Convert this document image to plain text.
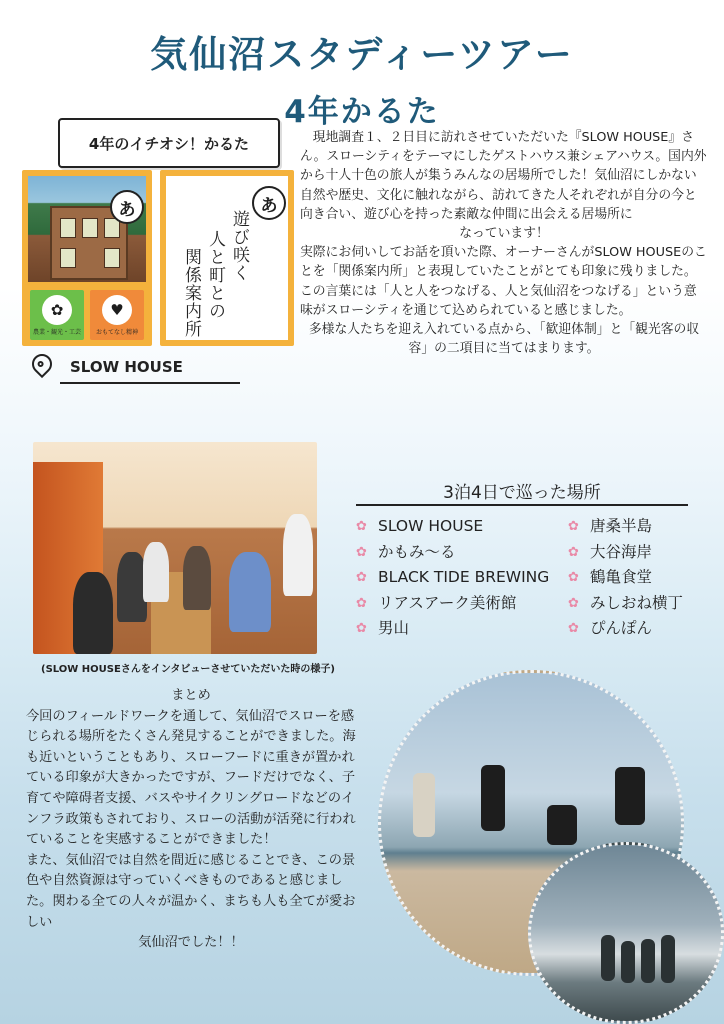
気仙沼スタディーツアー
4年かるた
4年のイチオシ！かるた
あ
✿
農業・観光・工芸
♥
おもてなし精神
あ
遊び咲く
人と町との
関係案内所
SLOW HOUSE

現地調査１、２日目に訪れさせていただいた『SLOW HOUSE』さん。スローシティをテーマにしたゲストハウス兼シェアハウス。国内外から十人十色の旅人が集うみんなの居場所でした！気仙沼にしかない自然や歴史、文化に触れながら、訪れてきた人それぞれが自分の今と向き合い、遊び心を持った素敵な仲間に出会える居場所に

なっています！

実際にお伺いしてお話を頂いた際、オーナーさんがSLOW HOUSEのことを「関係案内所」と表現していたことがとても印象に残りました。この言葉には「人と人をつなげる、人と気仙沼をつなげる」という意味がスローシティを通じて込められていると感じました。

多様な人たちを迎え入れている点から、「歓迎体制」と「観光客の収容」の二項目に当てはまります。

3泊4日で巡った場所
✿ SLOW HOUSE
✿ かもみ〜る
✿ BLACK TIDE BREWING
✿ リアスアーク美術館
✿ 男山
✿ 唐桑半島
✿ 大谷海岸
✿ 鶴亀食堂
✿ みしおね横丁
✿ ぴんぽん
(SLOW HOUSEさんをインタビューさせていただいた時の様子)

まとめ

今回のフィールドワークを通して、気仙沼でスローを感じられる場所をたくさん発見することができました。海も近いということもあり、スローフードに重きが置かれている印象が大きかったですが、フードだけでなく、子育てや障碍者支援、バスやサイクリングロードなどのインフラ政策もされており、スローの活動が活発に行われていることを実感することができました！

また、気仙沼では自然を間近に感じることでき、この景色や自然資源は守っていくべきものであると感じました。関わる全ての人々が温かく、まちも人も全てが愛おしい

気仙沼でした！！
